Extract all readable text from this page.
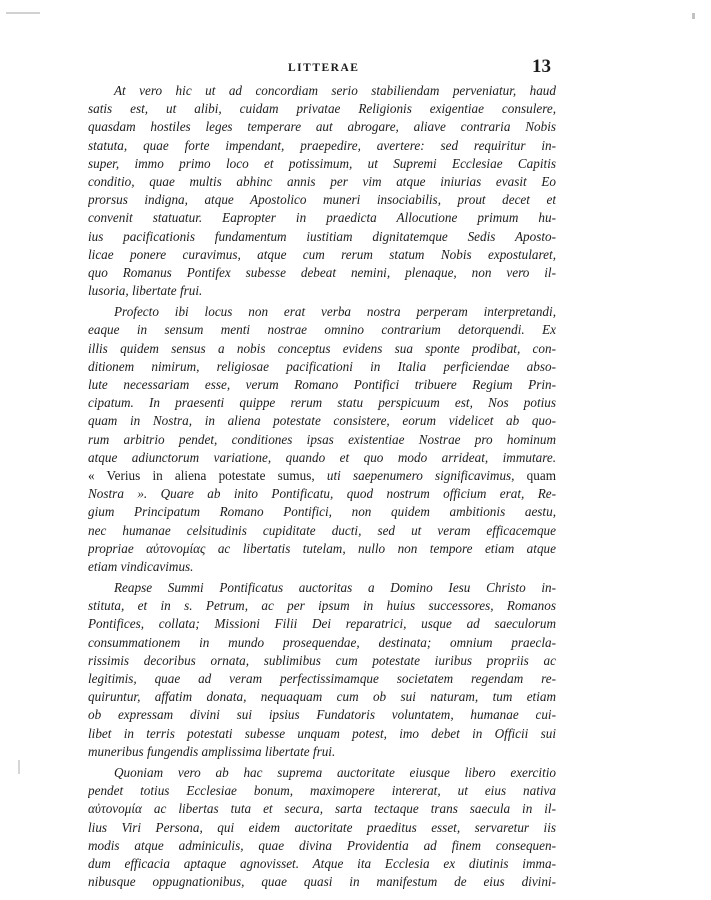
LITTERAE	13
At vero hic ut ad concordiam serio stabiliendam perveniatur, haud
satis est, ut alibi, cuidam privatae Religionis exigentiae consulere,
quasdam hostiles leges temperare aut abrogare, aliave contraria Nobis
statuta, quae forte impendant, praepedire, avertere: sed requiritur in-
super, immo primo loco et potissimum, ut Supremi Ecclesiae Capitis
conditio, quae multis abhinc annis per vim atque iniurias evasit Eo
prorsus indigna, atque Apostolico muneri insociabilis, prout decet et
convenit statuatur. Eapropter in praedicta Allocutione primum hu-
ius pacificationis fundamentum iustitiam dignitatemque Sedis Aposto-
licae ponere curavimus, atque cum rerum statum Nobis expostularet,
quo Romanus Pontifex subesse debeat nemini, plenaque, non vero il-
lusoria, libertate frui.
Profecto ibi locus non erat verba nostra perperam interpretandi,
eaque in sensum menti nostrae omnino contrarium detorquendi. Ex
illis quidem sensus a nobis conceptus evidens sua sponte prodibat, con-
ditionem nimirum, religiosae pacificationi in Italia perficiendae abso-
lute necessariam esse, verum Romano Pontifici tribuere Regium Prin-
cipatum. In praesenti quippe rerum statu perspicuum est, Nos potius
quam in Nostra, in aliena potestate consistere, eorum videlicet ab quo-
rum arbitrio pendet, conditiones ipsas existentiae Nostrae pro hominum
atque adiunctorum variatione, quando et quo modo arrideat, immutare.
« Verius in aliena potestate sumus, uti saepenumero significavimus, quam
Nostra ». Quare ab inito Pontificatu, quod nostrum officium erat, Re-
gium Principatum Romano Pontifici, non quidem ambitionis aestu,
nec humanae celsitudinis cupiditate ducti, sed ut veram efficacemque
propriae αὐτονομίας ac libertatis tutelam, nullo non tempore etiam atque
etiam vindicavimus.
Reapse Summi Pontificatus auctoritas a Domino Iesu Christo in-
stituta, et in s. Petrum, ac per ipsum in huius successores, Romanos
Pontifices, collata; Missioni Filii Dei reparatrici, usque ad saeculorum
consummationem in mundo prosequendae, destinata; omnium praecla-
rissimis decoribus ornata, sublimibus cum potestate iuribus propriis ac
legitimis, quae ad veram perfectissimamque societatem regendam re-
quiruntur, affatim donata, nequaquam cum ob sui naturam, tum etiam
ob expressam divini sui ipsius Fundatoris voluntatem, humanae cui-
libet in terris potestati subesse unquam potest, imo debet in Officii sui
muneribus fungendis amplissima libertate frui.
Quoniam vero ab hac suprema auctoritate eiusque libero exercitio
pendet totius Ecclesiae bonum, maximopere intererat, ut eius nativa
αὐτονομία ac libertas tuta et secura, sarta tectaque trans saecula in il-
lius Viri Persona, qui eidem auctoritate praeditus esset, servaretur iis
modis atque adminiculis, quae divina Providentia ad finem consequen-
dum efficacia aptaque agnovisset. Atque ita Ecclesia ex diutinis imma-
nibusque oppugnationibus, quae quasi in manifestum de eius divini-
